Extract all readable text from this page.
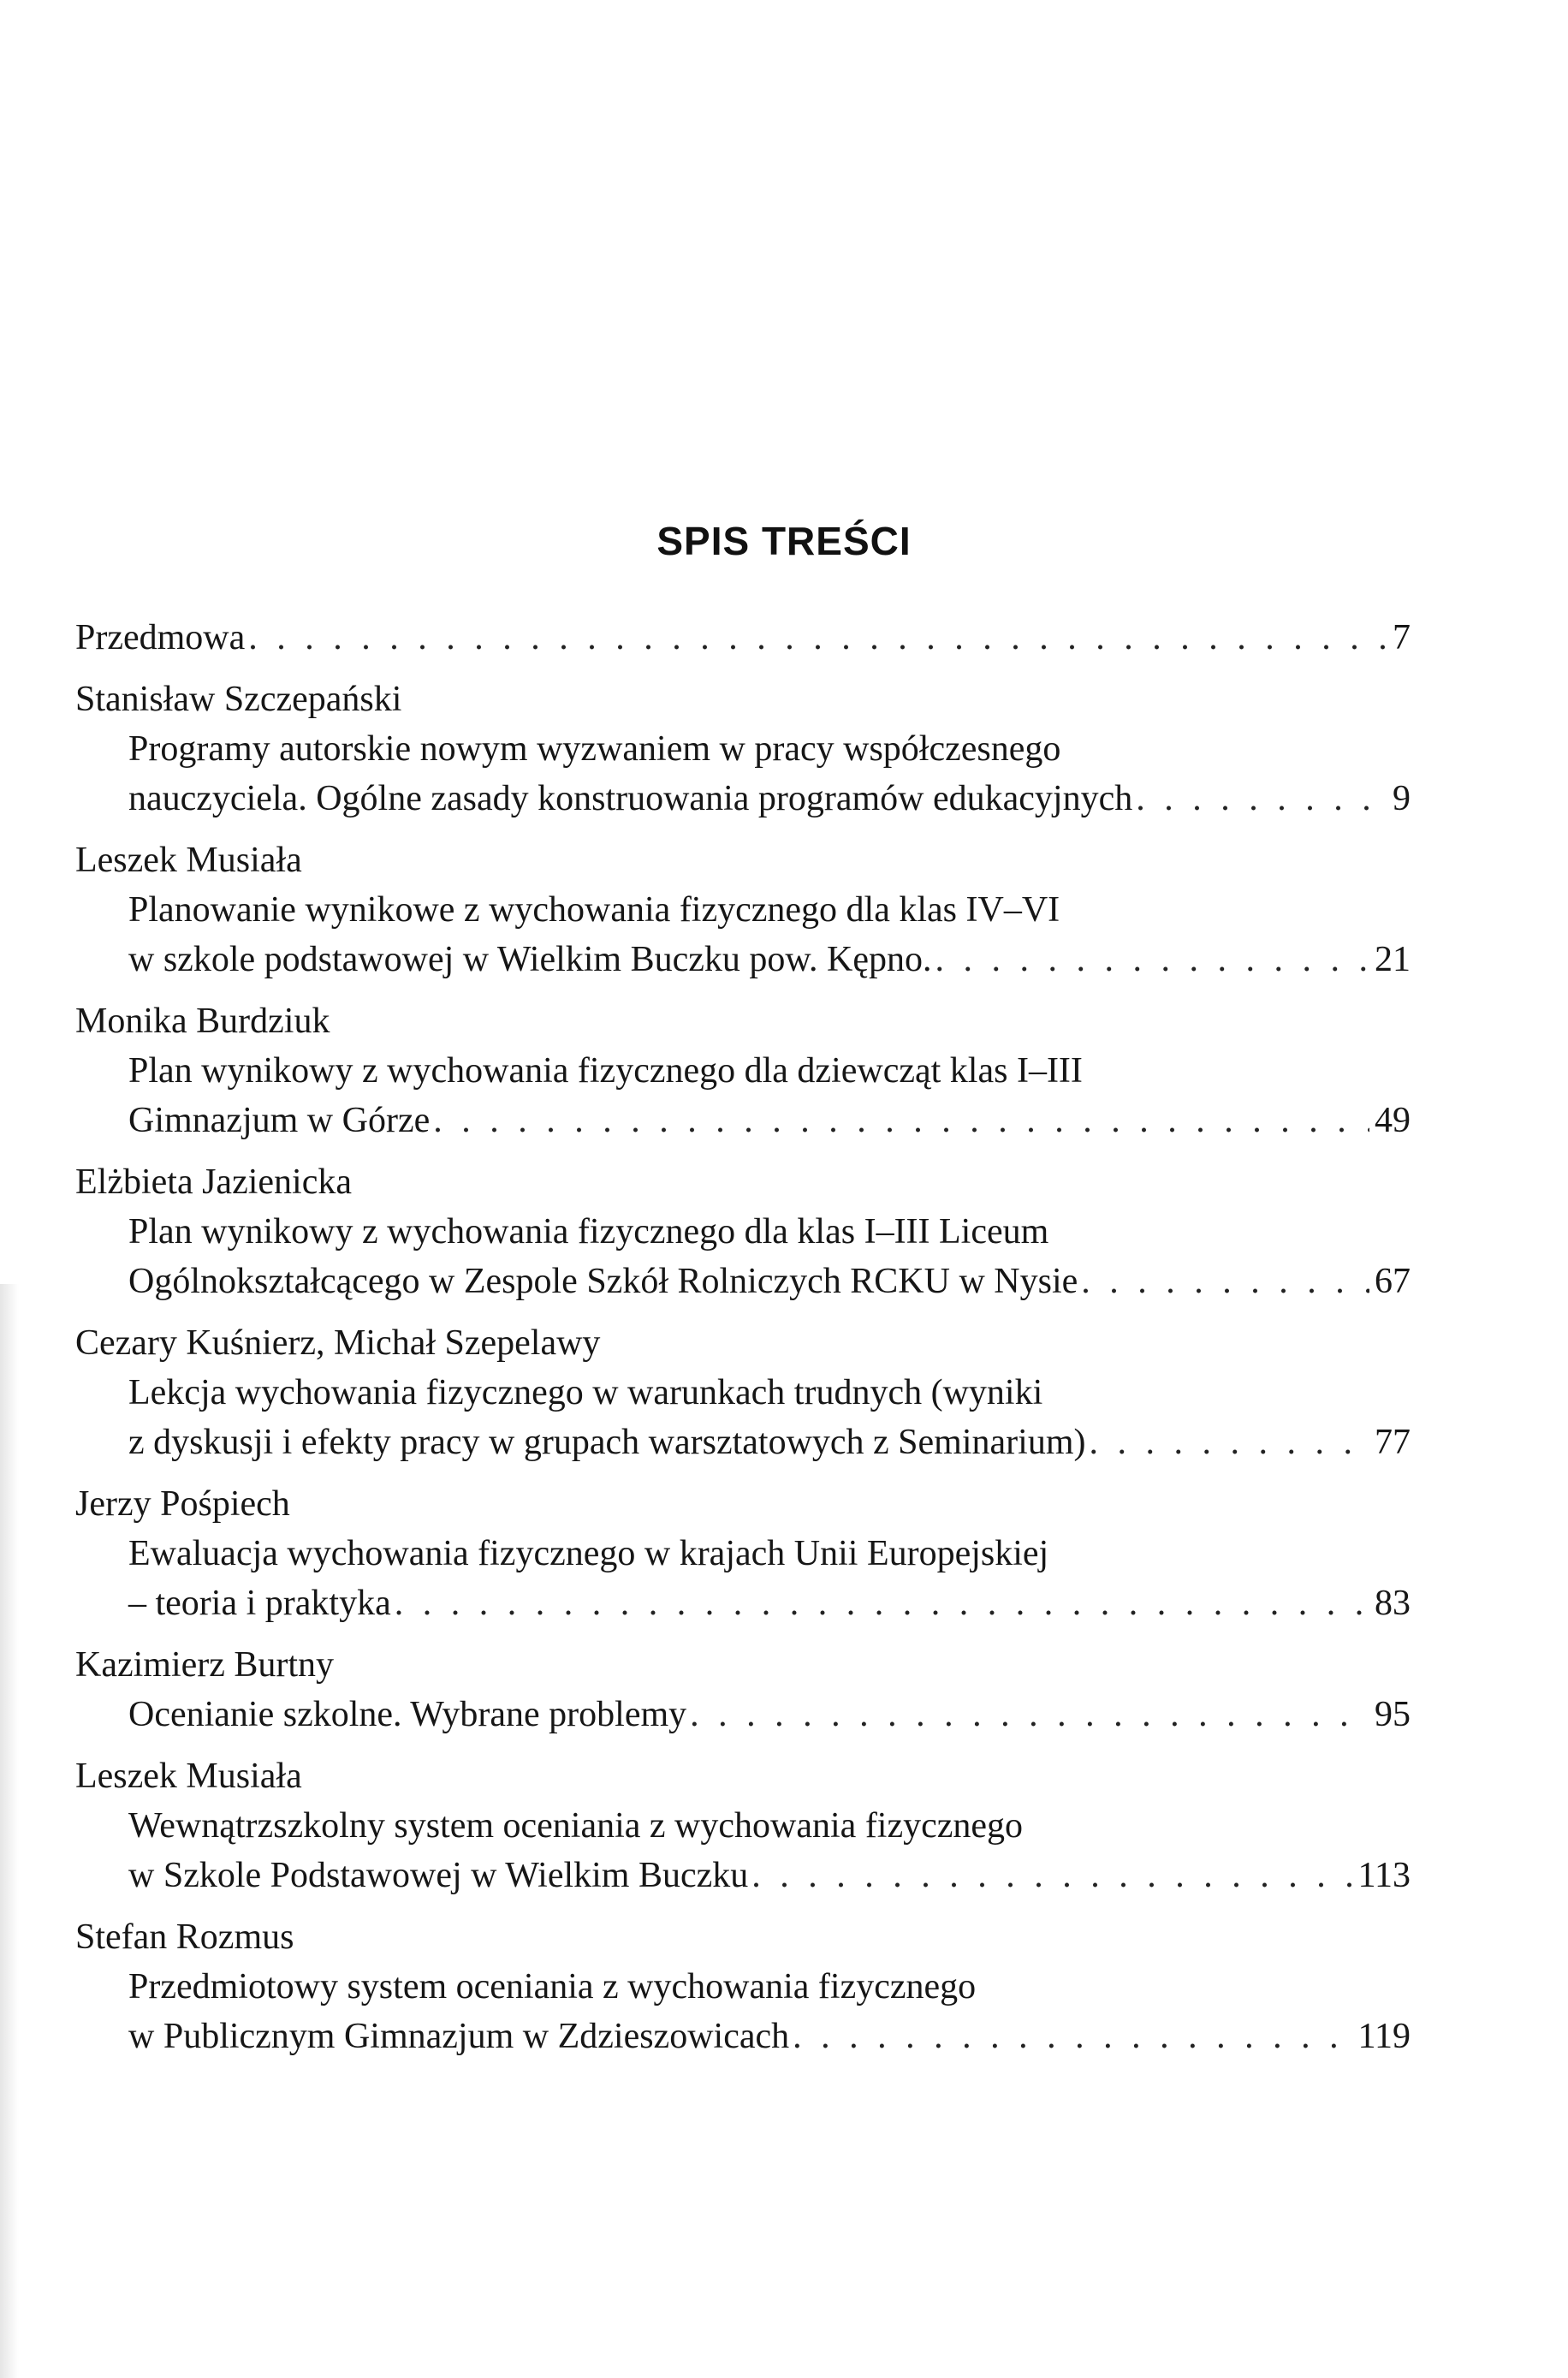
SPIS TREŚCI
Przedmowa . . .	7
Stanisław Szczepański
Programy autorskie nowym wyzwaniem w pracy współczesnego
nauczyciela. Ogólne zasady konstruowania programów edukacyjnych . . .	9
Leszek Musiała
Planowanie wynikowe z wychowania fizycznego dla klas IV–VI
w szkole podstawowej w Wielkim Buczku pow. Kępno. . . .	21
Monika Burdziuk
Plan wynikowy z wychowania fizycznego dla dziewcząt klas I–III
Gimnazjum w Górze . . .	49
Elżbieta Jazienicka
Plan wynikowy z wychowania fizycznego dla klas I–III Liceum
Ogólnokształcącego w Zespole Szkół Rolniczych RCKU w Nysie . . .	67
Cezary Kuśnierz, Michał Szepelawy
Lekcja wychowania fizycznego w warunkach trudnych (wyniki
z dyskusji i efekty pracy w grupach warsztatowych z Seminarium) . . .	77
Jerzy Pośpiech
Ewaluacja wychowania fizycznego w krajach Unii Europejskiej
– teoria i praktyka . . .	83
Kazimierz Burtny
Ocenianie szkolne. Wybrane problemy . . .	95
Leszek Musiała
Wewnątrzszkolny system oceniania z wychowania fizycznego
w Szkole Podstawowej w Wielkim Buczku . . .	113
Stefan Rozmus
Przedmiotowy system oceniania z wychowania fizycznego
w Publicznym Gimnazjum w Zdzieszowicach . . .	119
